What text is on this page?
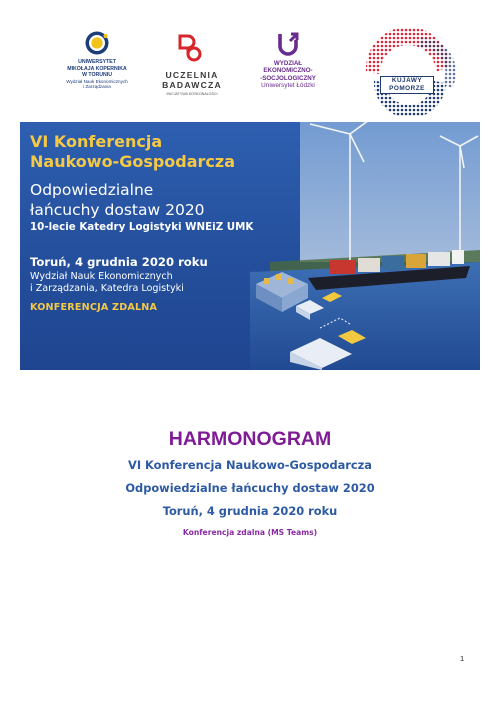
UNIWERSYTET
MIKOŁAJA KOPERNIKA
W TORUNIU
Wydział Nauk Ekonomicznych
i Zarządzania
UCZELNIA
BADAWCZA
INICJATYWA DOSKONAŁOŚCI
WYDZIAŁ
EKONOMICZNO-
-SOCJOLOGICZNY
Uniwersytet Łódzki
KUJAWY
POMORZE
VI Konferencja
Naukowo-Gospodarcza
Odpowiedzialne
łańcuchy dostaw 2020
10-lecie Katedry Logistyki WNEiZ UMK
Toruń, 4 grudnia 2020 roku
Wydział Nauk Ekonomicznych
i Zarządzania, Katedra Logistyki
KONFERENCJA ZDALNA
HARMONOGRAM
VI Konferencja Naukowo-Gospodarcza
Odpowiedzialne łańcuchy dostaw 2020
Toruń, 4 grudnia 2020 roku
Konferencja zdalna (MS Teams)
1
